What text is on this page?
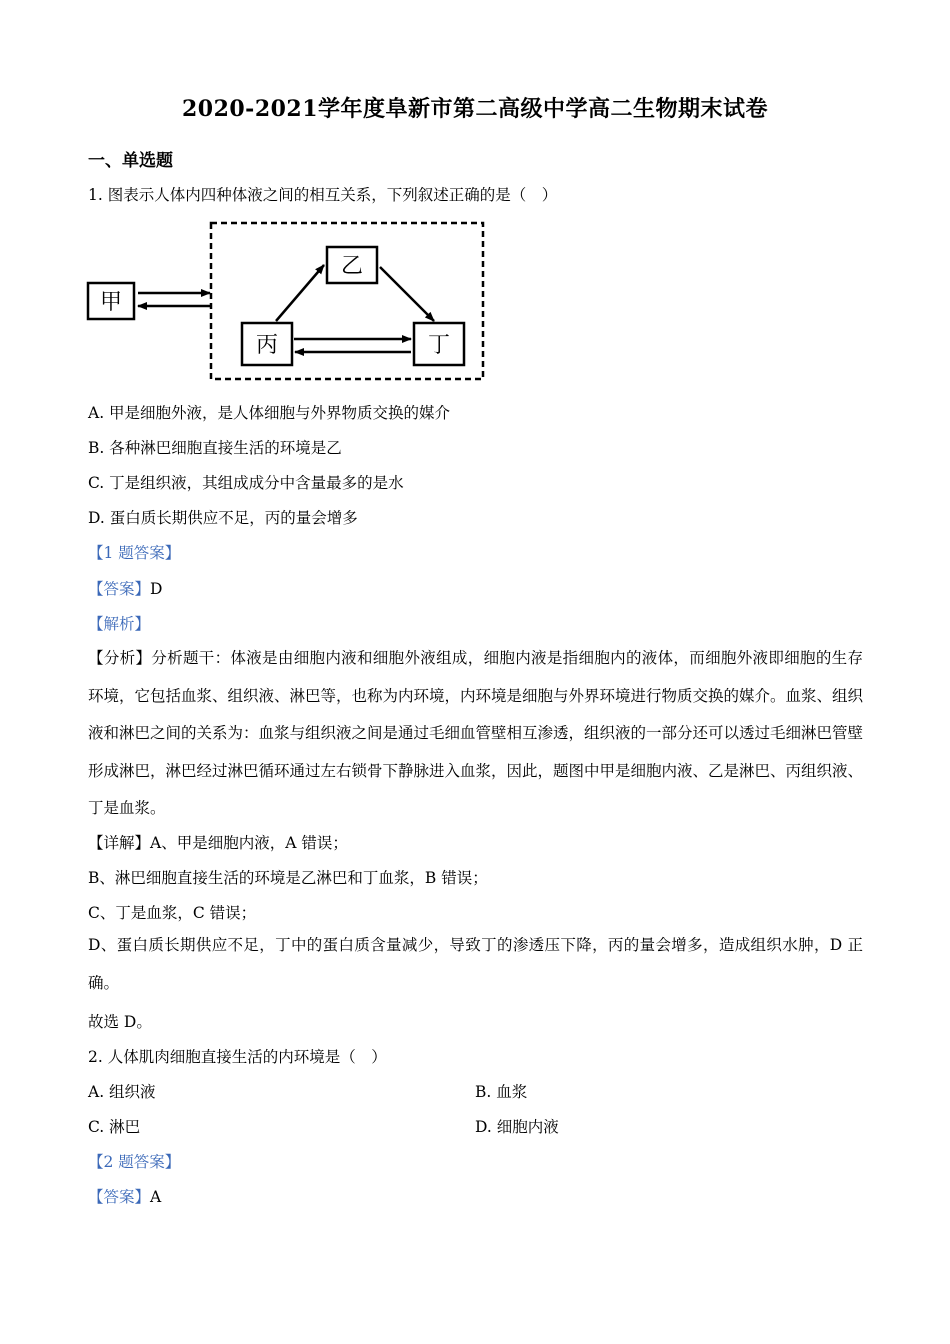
2020-2021学年度阜新市第二高级中学高二生物期末试卷
一、单选题
1. 图表示人体内四种体液之间的相互关系，下列叙述正确的是（　）
甲
乙
丙	丁
A. 甲是细胞外液，是人体细胞与外界物质交换的媒介
B. 各种淋巴细胞直接生活的环境是乙
C. 丁是组织液，其组成成分中含量最多的是水
D. 蛋白质长期供应不足，丙的量会增多
【1 题答案】
【答案】D
【解析】
【分析】分析题干：体液是由细胞内液和细胞外液组成，细胞内液是指细胞内的液体，而细胞外液即细胞的生存环境，它包括血浆、组织液、淋巴等，也称为内环境，内环境是细胞与外界环境进行物质交换的媒介。血浆、组织液和淋巴之间的关系为：血浆与组织液之间是通过毛细血管壁相互渗透，组织液的一部分还可以透过毛细淋巴管壁形成淋巴，淋巴经过淋巴循环通过左右锁骨下静脉进入血浆，因此，题图中甲是细胞内液、乙是淋巴、丙组织液、丁是血浆。
【详解】A、甲是细胞内液，A 错误；
B、淋巴细胞直接生活的环境是乙淋巴和丁血浆，B 错误；
C、丁是血浆，C 错误；
D、蛋白质长期供应不足，丁中的蛋白质含量减少，导致丁的渗透压下降，丙的量会增多，造成组织水肿，D 正确。
故选 D。
2. 人体肌肉细胞直接生活的内环境是（　）
A. 组织液	B. 血浆
C. 淋巴	D. 细胞内液
【2 题答案】
【答案】A
